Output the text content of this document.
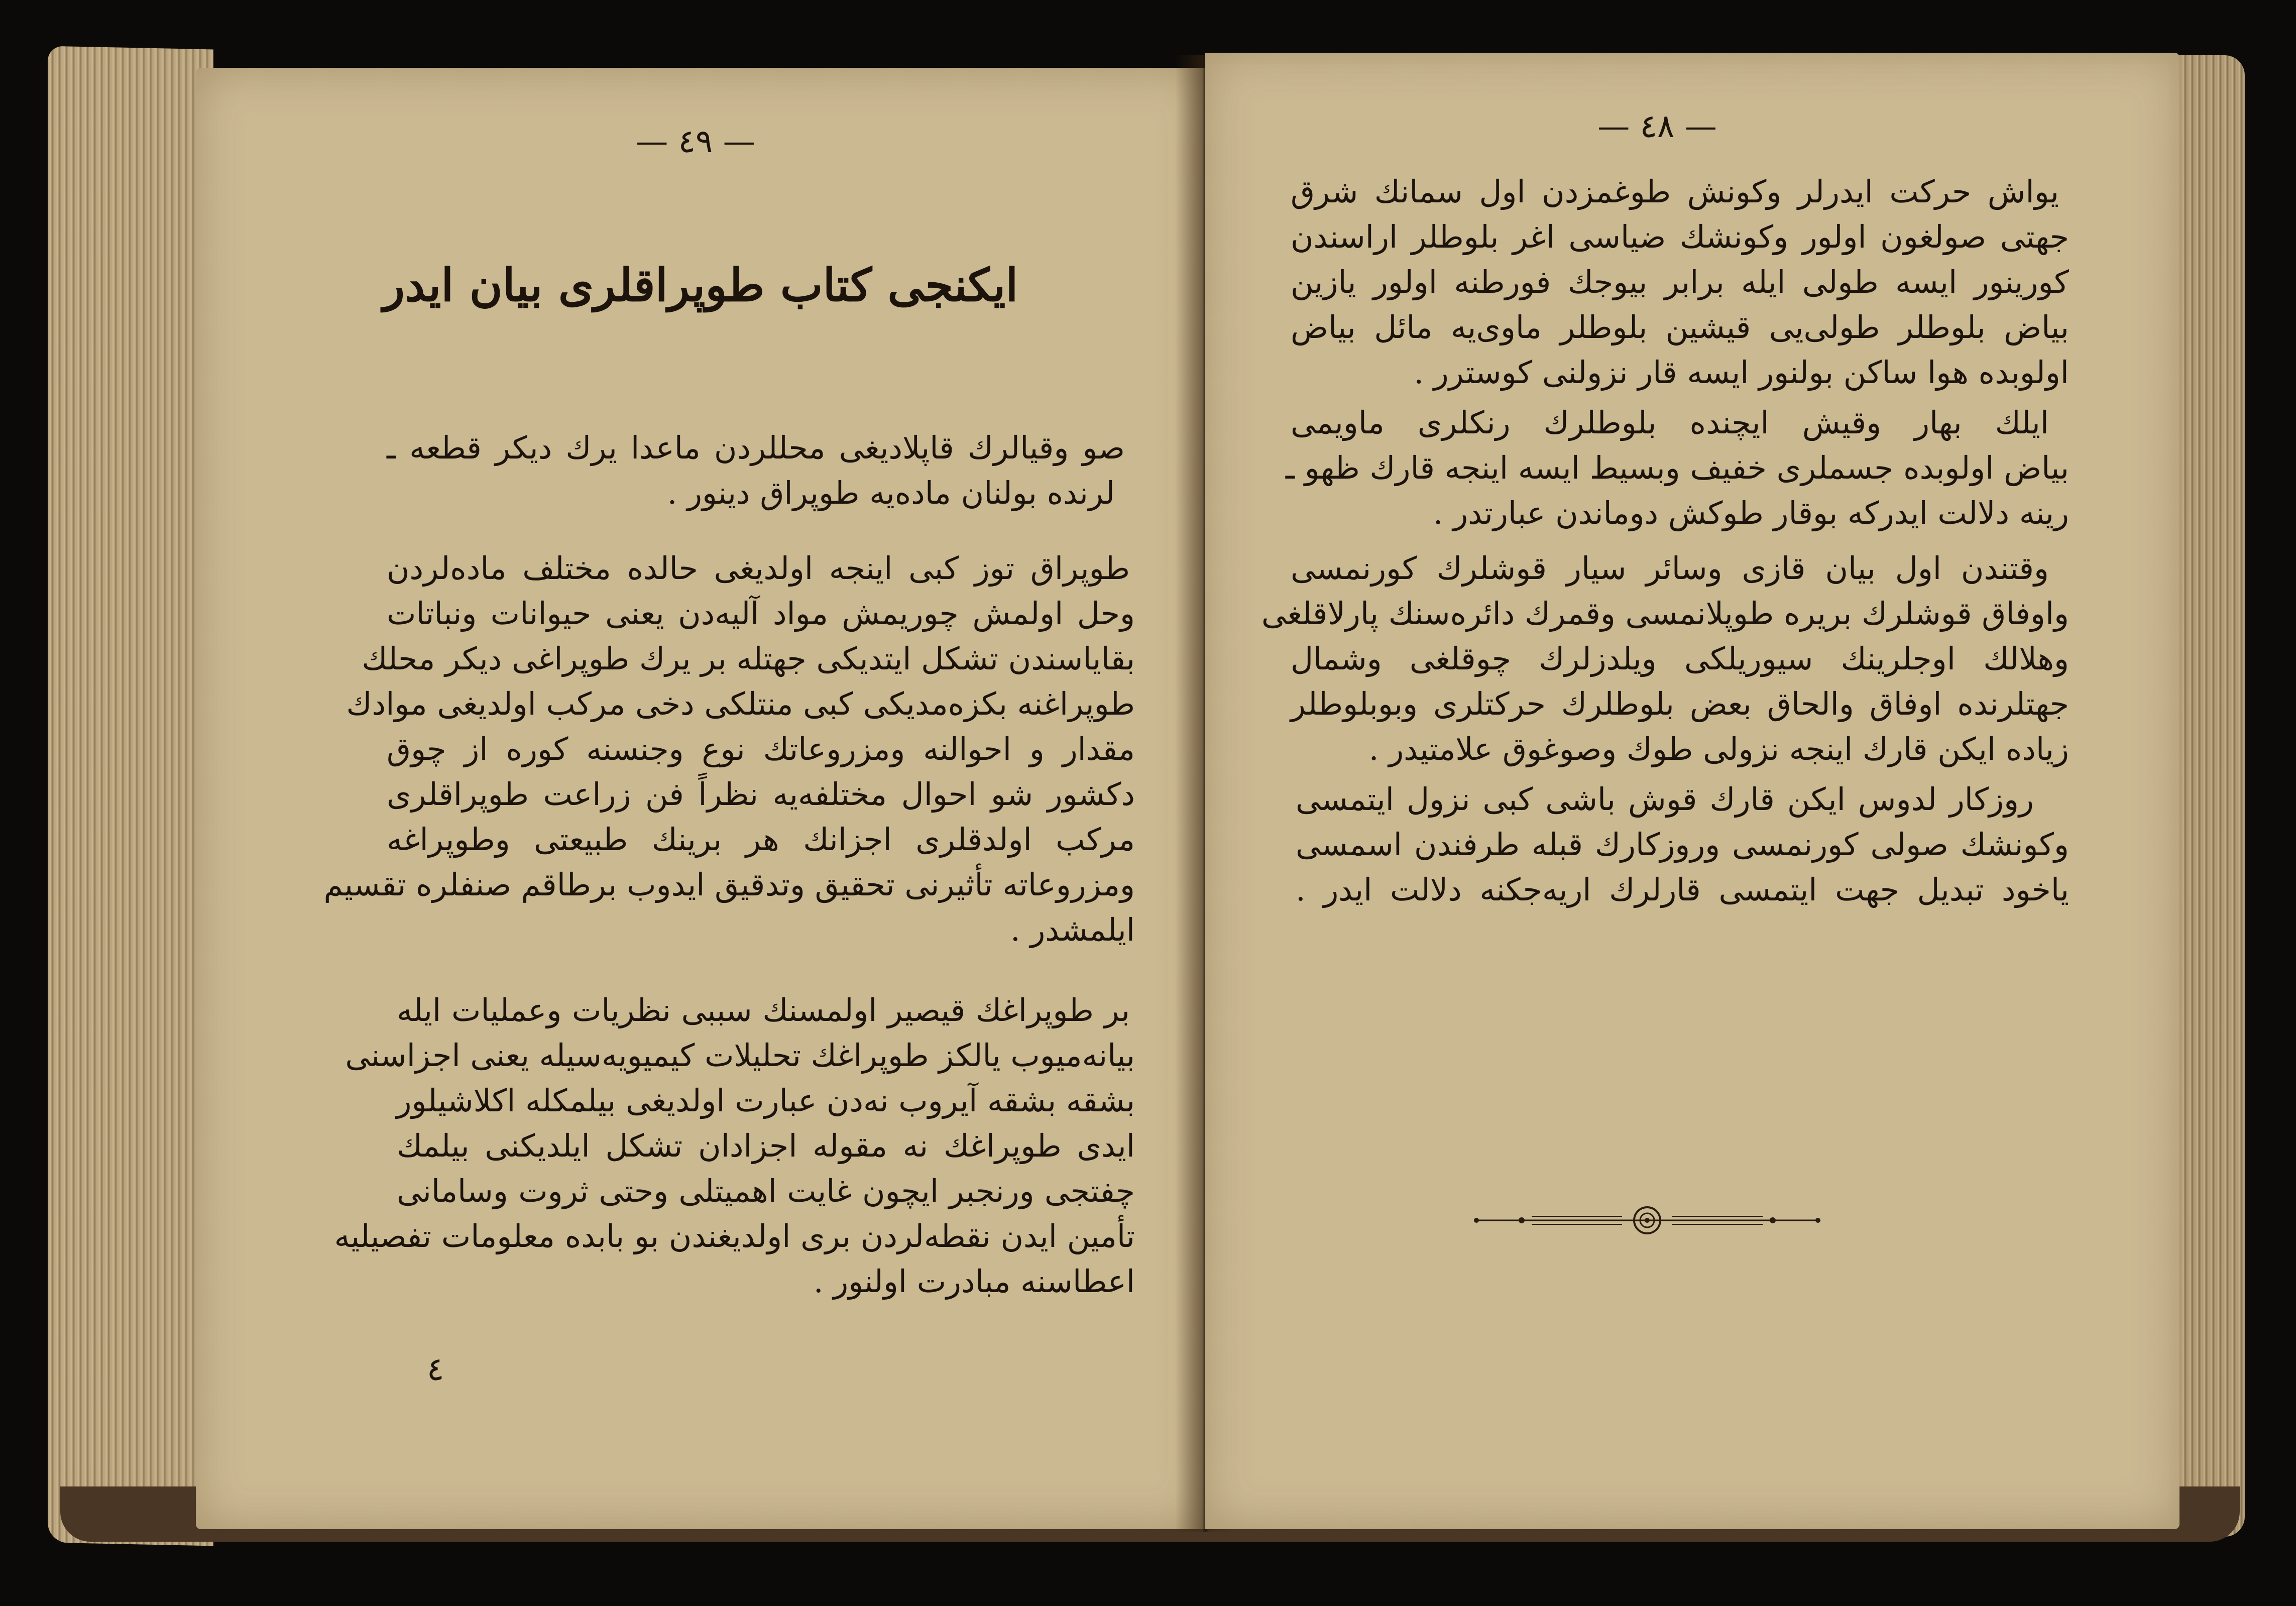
— ٤٩ —
ایکنجی کتاب طوپراقلری بیان ایدر
صو وقیالرك قاپلادیغی محللردن ماعدا یرك دیکر قطعه ـ
لرنده بولنان ماده‌یه طوپراق دینور .
طوپراق توز کبی اینجه اولدیغی حالده مختلف ماده‌لردن
وحل اولمش چوریمش مواد آلیه‌دن یعنی حیوانات ونباتات
بقایاسندن تشکل ایتدیکی جهتله بر یرك طوپراغی دیکر محلك
طوپراغنه بکزه‌مدیکی کبی منتلکی دخی مرکب اولدیغی موادك
مقدار و احوالنه ومزروعاتك نوع وجنسنه کوره از چوق
دکشور شو احوال مختلفه‌یه نظراً فن زراعت طوپراقلری
مرکب اولدقلری اجزانك هر برینك طبیعتی وطوپراغه
ومزروعاته تأثیرنی تحقیق وتدقیق ایدوب برطاقم صنفلره تقسیم
ایلمشدر .
بر طوپراغك قیصیر اولمسنك سببی نظریات وعملیات ایله
بیانه‌میوب یالکز طوپراغك تحلیلات کیمیویه‌سیله یعنی اجزاسنی
بشقه بشقه آیروب نه‌دن عبارت اولدیغی بیلمکله اکلاشیلور
ایدی طوپراغك نه مقوله اجزادان تشکل ایلدیکنی بیلمك
چفتجی ورنجبر ایچون غایت اهمیتلی وحتی ثروت وسامانی
تأمین ایدن نقطه‌لردن بری اولدیغندن بو بابده معلومات تفصیلیه
اعطاسنه مبادرت اولنور .
٤
— ٤٨ —
یواش حرکت ایدرلر وکونش طوغمزدن اول سمانك شرق
جهتی صولغون اولور وکونشك ضیاسی اغر بلوطلر اراسندن
کورینور ایسه طولی ایله برابر بیوجك فورطنه اولور یازین
بیاض بلوطلر طولی‌یی قیشین بلوطلر ماوی‌یه مائل بیاض
اولوبده هوا ساکن بولنور ایسه قار نزولنی کوسترر .
ایلك بهار وقیش ایچنده بلوطلرك رنکلری ماویمی
بیاض اولوبده جسملری خفیف وبسیط ایسه اینجه قارك ظهو ـ
رینه دلالت ایدرکه بوقار طوکش دوماندن عبارتدر .
وقتندن اول بیان قازی وسائر سیار قوشلرك کورنمسی
واوفاق قوشلرك بریره طوپلانمسی وقمرك دائره‌سنك پارلاقلغی
وهلالك اوجلرینك سیوریلکی ویلدزلرك چوقلغی وشمال
جهتلرنده اوفاق والحاق بعض بلوطلرك حرکتلری وبوبلوطلر
زیاده ایکن قارك اینجه نزولی طوك وصوغوق علامتیدر .
روزکار لدوس ایکن قارك قوش باشی کبی نزول ایتمسی
وکونشك صولی کورنمسی وروزکارك قبله طرفندن اسمسی
یاخود تبدیل جهت ایتمسی قارلرك اریه‌جکنه دلالت ایدر .
